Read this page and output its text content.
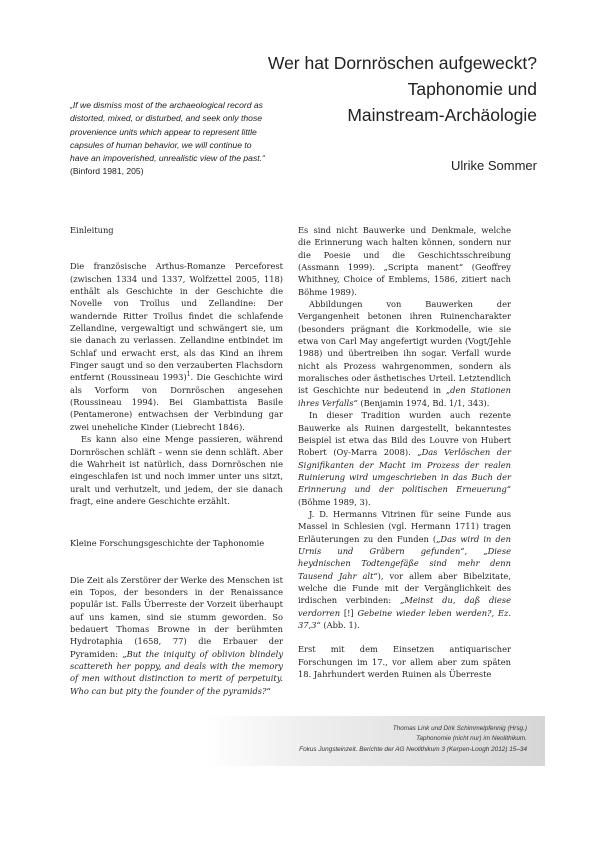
Wer hat Dornröschen aufgeweckt?
Taphonomie und
Mainstream-Archäologie
Ulrike Sommer
„If we dismiss most of the archaeological record as distorted, mixed, or disturbed, and seek only those provenience units which appear to represent little capsules of human behavior, we will continue to have an impoverished, unrealistic view of the past.“ (Binford 1981, 205)
Einleitung

Die französische Arthus-Romanze Perceforest (zwischen 1334 und 1337, Wolfzettel 2005, 118) enthält als Geschichte in der Geschichte die Novelle von Troïlus und Zellandine: Der wandernde Ritter Troïlus findet die schlafende Zellandine, vergewaltigt und schwängert sie, um sie danach zu verlassen. Zellandine entbindet im Schlaf und erwacht erst, als das Kind an ihrem Finger saugt und so den verzauberten Flachsdorn entfernt (Roussineau 1993)$^1$. Die Geschichte wird als Vorform von Dornröschen angesehen (Roussineau 1994). Bei Giambattista Basile (Pentamerone) entwachsen der Verbindung gar zwei uneheliche Kinder (Liebrecht 1846).

Es kann also eine Menge passieren, während Dornröschen schläft – wenn sie denn schläft. Aber die Wahrheit ist natürlich, dass Dornröschen nie eingeschlafen ist und noch immer unter uns sitzt, uralt und verhutzelt, und jedem, der sie danach fragt, eine andere Geschichte erzählt.

Kleine Forschungsgeschichte der Taphonomie

Die Zeit als Zerstörer der Werke des Menschen ist ein Topos, der besonders in der Renaissance populär ist. Falls Überreste der Vorzeit überhaupt auf uns kamen, sind sie stumm geworden. So bedauert Thomas Browne in der berühmten Hydrotaphia (1658, 77) die Erbauer der Pyramiden: „But the iniquity of oblivion blindely scattereth her poppy, and deals with the memory of men without distinction to merit of perpetuity. Who can but pity the founder of the pyramids?“

Es sind nicht Bauwerke und Denkmale, welche die Erinnerung wach halten können, sondern nur die Poesie und die Geschichtsschreibung (Assmann 1999). „Scripta manent“ (Geoffrey Whithney, Choice of Emblems, 1586, zitiert nach Böhme 1989).

Abbildungen von Bauwerken der Vergangenheit betonen ihren Ruinencharakter (besonders prägnant die Korkmodelle, wie sie etwa von Carl May angefertigt wurden (Vogt/Jehle 1988) und übertreiben ihn sogar. Verfall wurde nicht als Prozess wahrgenommen, sondern als moralisches oder ästhetisches Urteil. Letztendlich ist Geschichte nur bedeutend in „den Stationen ihres Verfalls“ (Benjamin 1974, Bd. 1/1, 343).

In dieser Tradition wurden auch rezente Bauwerke als Ruinen dargestellt, bekanntestes Beispiel ist etwa das Bild des Louvre von Hubert Robert (Oy-Marra 2008). „Das Verlöschen der Signifikanten der Macht im Prozess der realen Ruinierung wird umgeschrieben in das Buch der Erinnerung und der politischen Erneuerung“ (Böhme 1989, 3).

J. D. Hermanns Vitrinen für seine Funde aus Massel in Schlesien (vgl. Hermann 1711) tragen Erläuterungen zu den Funden („Das wird in den Urnis und Gräbern gefunden“, „Diese heydnischen Todtengefäße sind mehr denn Tausend Jahr alt“), vor allem aber Bibelzitate, welche die Funde mit der Vergänglichkeit des irdischen verbinden: „Meinst du, daß diese verdorren [!] Gebeine wieder leben werden?, Ez. 37,3“ (Abb. 1).

Erst mit dem Einsetzen antiquarischer Forschungen im 17., vor allem aber zum späten 18. Jahrhundert werden Ruinen als Überreste

Thomas Link und Dirk Schimmelpfennig (Hrsg.)
Taphonomie (nicht nur) im Neolithikum.
Fokus Jungsteinzeit. Berichte der AG Neolithikum 3 (Kerpen-Loogh 2012) 15–34
